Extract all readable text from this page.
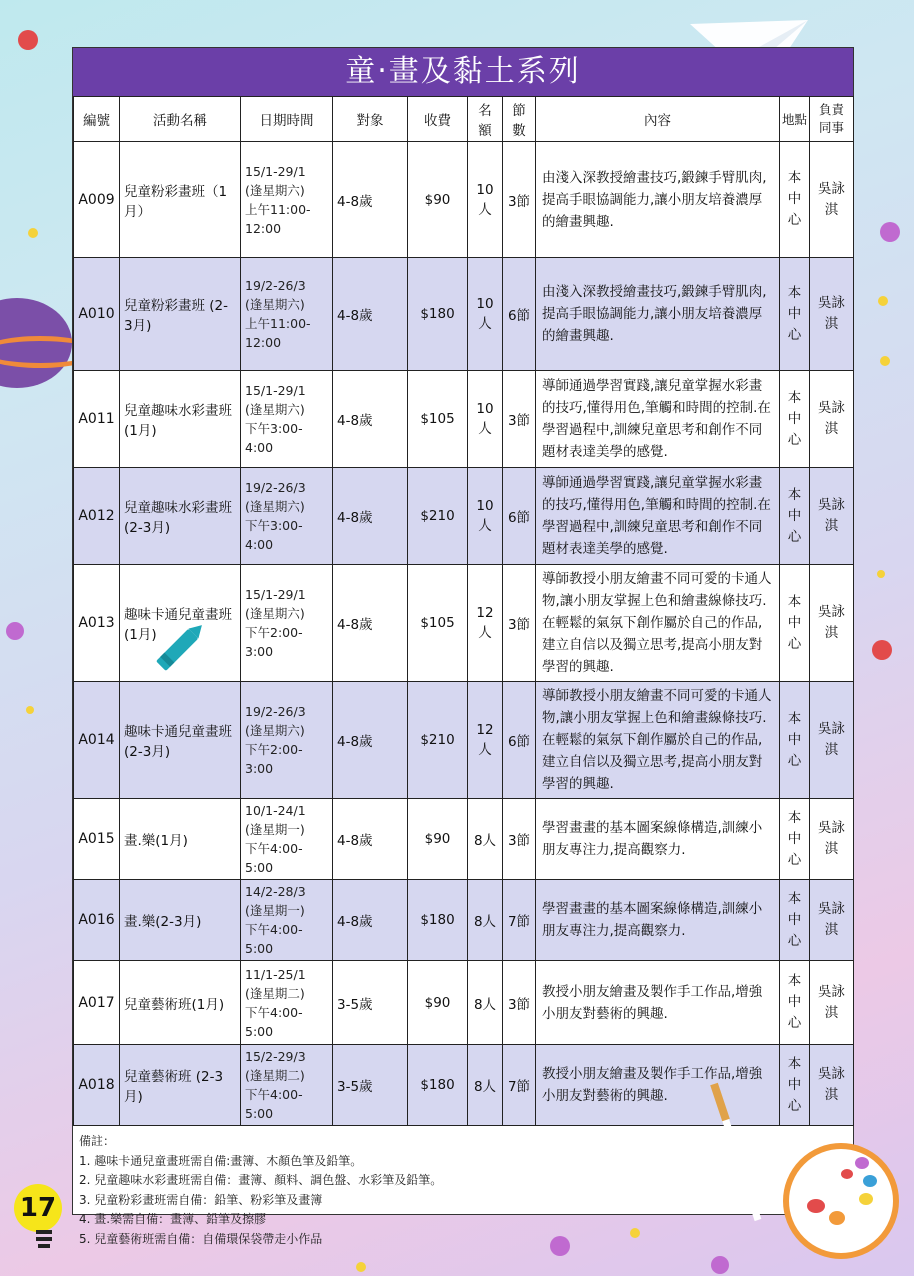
童‧畫及黏土系列
編號	活動名稱	日期時間	對象	收費	名額	節數	內容	地點	負責同事
A009	兒童粉彩畫班（1月）	15/1-29/1
(逢星期六)
上午11:00-
12:00	4-8歲	$90	10人	3節	由淺入深教授繪畫技巧,鍛鍊手臂肌肉,提高手眼協調能力,讓小朋友培養濃厚的繪畫興趣.	本中心	吳詠淇
A010	兒童粉彩畫班 (2-3月)	19/2-26/3
(逢星期六)
上午11:00-
12:00	4-8歲	$180	10人	6節	由淺入深教授繪畫技巧,鍛鍊手臂肌肉,提高手眼協調能力,讓小朋友培養濃厚的繪畫興趣.	本中心	吳詠淇
A011	兒童趣味水彩畫班(1月)	15/1-29/1
(逢星期六)
下午3:00-4:00	4-8歲	$105	10人	3節	導師通過學習實踐,讓兒童掌握水彩畫的技巧,懂得用色,筆觸和時間的控制.在學習過程中,訓練兒童思考和創作不同題材表達美學的感覺.	本中心	吳詠淇
A012	兒童趣味水彩畫班(2-3月)	19/2-26/3
(逢星期六)
下午3:00-4:00	4-8歲	$210	10人	6節	導師通過學習實踐,讓兒童掌握水彩畫的技巧,懂得用色,筆觸和時間的控制.在學習過程中,訓練兒童思考和創作不同題材表達美學的感覺.	本中心	吳詠淇
A013	趣味卡通兒童畫班(1月)	15/1-29/1
(逢星期六)
下午2:00-3:00	4-8歲	$105	12人	3節	導師教授小朋友繪畫不同可愛的卡通人物,讓小朋友掌握上色和繪畫線條技巧.在輕鬆的氣氛下創作屬於自己的作品,建立自信以及獨立思考,提高小朋友對學習的興趣.	本中心	吳詠淇
A014	趣味卡通兒童畫班(2-3月)	19/2-26/3
(逢星期六)
下午2:00-3:00	4-8歲	$210	12人	6節	導師教授小朋友繪畫不同可愛的卡通人物,讓小朋友掌握上色和繪畫線條技巧.在輕鬆的氣氛下創作屬於自己的作品,建立自信以及獨立思考,提高小朋友對學習的興趣.	本中心	吳詠淇
A015	畫.樂(1月)	10/1-24/1
(逢星期一)
下午4:00-5:00	4-8歲	$90	8人	3節	學習畫畫的基本圖案線條構造,訓練小朋友專注力,提高觀察力.	本中心	吳詠淇
A016	畫.樂(2-3月)	14/2-28/3
(逢星期一)
下午4:00-5:00	4-8歲	$180	8人	7節	學習畫畫的基本圖案線條構造,訓練小朋友專注力,提高觀察力.	本中心	吳詠淇
A017	兒童藝術班(1月)	11/1-25/1
(逢星期二)
下午4:00-
5:00	3-5歲	$90	8人	3節	教授小朋友繪畫及製作手工作品,增強小朋友對藝術的興趣.	本中心	吳詠淇
A018	兒童藝術班 (2-3月)	15/2-29/3
(逢星期二)
下午4:00-5:00	3-5歲	$180	8人	7節	教授小朋友繪畫及製作手工作品,增強小朋友對藝術的興趣.	本中心	吳詠淇
備註：
1. 趣味卡通兒童畫班需自備:畫簿、木顏色筆及鉛筆。
2. 兒童趣味水彩畫班需自備：畫簿、顏料、調色盤、水彩筆及鉛筆。
3. 兒童粉彩畫班需自備：鉛筆、粉彩筆及畫簿
4. 畫.樂需自備：畫簿、鉛筆及擦膠
5. 兒童藝術班需自備：自備環保袋帶走小作品
17
